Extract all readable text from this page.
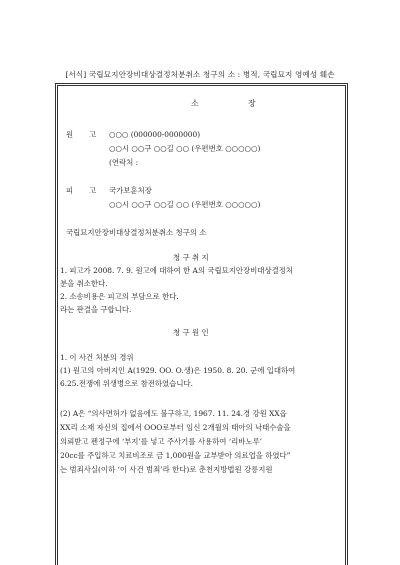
[서식] 국립묘지안장비대상결정처분취소 청구의 소 : 병적, 국립묘지 영예성 훼손
소	장
원 고 ○○○ (000000-0000000)
○○시 ○○구 ○○길 ○○ (우편번호 ○○○○○)
(연락처 :
피 고 국가보훈처장
○○시 ○○구 ○○길 ○○ (우편번호 ○○○○○)
국립묘지안장비대상결정처분취소 청구의 소
청 구 취 지
1. 피고가 2008. 7. 9. 원고에 대하여 한 A의 국립묘지안장비대상결정처
분을 취소한다.
2. 소송비용은 피고의 부담으로 한다.
라는 판결을 구합니다.
청 구 원 인
1. 이 사건 처분의 경위
(1) 원고의 아버지인 A(1929. OO. O.생)은 1950. 8. 20. 군에 입대하여
6.25.전쟁에 위생병으로 참전하였습니다.
(2) A은 “의사면허가 없음에도 불구하고, 1967. 11. 24.경 강원 XX읍
XX리 소재 자신의 집에서 OOO로부터 임신 2개월의 태아의 낙태수술을
의뢰받고 펜정구에 ‘부지’를 넣고 주사기를 사용하여 ‘리바노루’
20cc를 주입하고 치료비조로 금 1,000원을 교부받아 의료업을 하였다”
는 범죄사실(이하 ‘이 사건 범죄’라 한다)로 춘천지방법원 강릉지원
